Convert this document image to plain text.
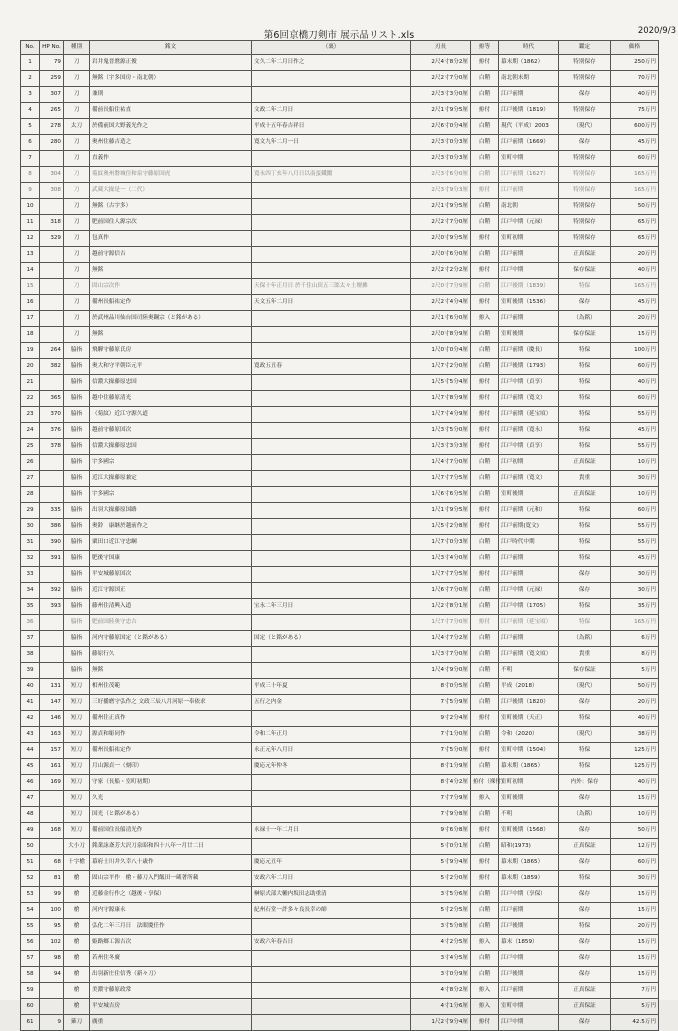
第6回京橋刀剣市 展示品リスト.xls	2020/9/3
No.	HP No.	種別	銘文	（裏）	刃長	拵等	時代	鑑定	価格
1	79	刀	岩井鬼晋麿源正俊	文久二年二月日作之	2尺4寸8分2厘	拵付	幕末期（1862）	特別保存	250万円
2	259	刀	無銘（宇多国房・南北朝）		2尺2寸7分0厘	白鞘	南北朝末期	特別保存	70万円
3	307	刀	兼則		2尺3寸3分0厘	白鞘	江戸前期	保存	40万円
4	265	刀	備前長船住祐直	文政二年二月日	2尺1寸9分5厘	拵付	江戸後期（1819）	特別保存	75万円
5	278	太刀	於備前国大野義光作之	平成十五年春吉祥日	2尺6寸0分4厘	白鞘	現代（平成）2003	（現代）	600万円
6	280	刀	奥州住藤吉造之	寛文九年二月一日	2尺3寸0分3厘	白鞘	江戸前期（1669）	保存	45万円
7		刀	直義作		2尺3寸0分3厘	白鞘	室町中期	特別保存	60万円
8	304	刀	菊紋奥州磐城住和泉守藤原国虎	寛永四丁亥年八月日以南蛮鐵鍛	2尺3寸6分0厘	白鞘	江戸前期（1627）	特別保存	165万円
9	308	刀	武蔵大掾是一（二代）		2尺3寸9分3厘	拵付	江戸前期	特別保存	165万円
10		刀	無銘（古宇多）		2尺1寸9分5厘	白鞘	南北朝	特別保存	50万円
11	318	刀	肥前国住人源宗次		2尺2寸7分0厘	白鞘	江戸中期（元禄）	特別保存	65万円
12	329	刀	包真作		2尺0寸9分5厘	拵付	室町初期	特別保存	65万円
13		刀	越前守源信吉		2尺0寸6分0厘	白鞘	江戸前期	正真保証	20万円
14		刀	無銘		2尺2寸2分2厘	拵付	江戸中期	保存保証	40万円
15		刀	固山宗次作	天保十年正月日 於千住山田五三郎太々土壇拂	2尺0寸7分9厘	白鞘	江戸後期（1839）	特保	165万円
16		刀	備州長船祐定作	天文五年二月日	2尺2寸4分4厘	拵付	室町後期（1536）	保存	45万円
17		刀	於武州品川仙台国司陸奥鋼宗（と銘がある）		2尺1寸6分0厘	拵入	江戸前期	（為銘）	20万円
18		刀	無銘		2尺0寸8分9厘	白鞘	室町後期	保存保証	15万円
19	264	脇指	飛騨守藤原氏房		1尺0寸0分4厘	白鞘	江戸前期（慶長）	特保	100万円
20	382	脇指	奥大和守平朝臣元平	寛政五丑春	1尺7寸2分0厘	白鞘	江戸後期（1793）	特保	60万円
21		脇指	信濃大掾藤原忠国		1尺5寸5分4厘	拵付	江戸中期（貞享）	特保	40万円
22	365	脇指	越中住藤原清光		1尺7寸8分9厘	拵付	江戸前期（寛文）	特保	60万円
23	370	脇指	（菊紋）近江守源久道		1尺7寸4分9厘	拵付	江戸前期（延宝頃）	特保	55万円
24	376	脇指	越前守藤原国次		1尺3寸5分0厘	拵付	江戸前期（寛永）	特保	45万円
25	378	脇指	信濃大掾藤原忠国		1尺3寸3分3厘	拵付	江戸中期（貞享）	特保	55万円
26		脇指	宇多國宗		1尺4寸7分0厘	白鞘	江戸初期	正真保証	10万円
27		脇指	近江大掾藤原兼定		1尺7寸7分5厘	白鞘	江戸前期（寛文）	貴重	30万円
28		脇指	宇多國宗		1尺6寸6分5厘	白鞘	室町後期	正真保証	10万円
29	335	脇指	出羽大掾藤原国路		1尺1寸9分5厘	拵付	江戸前期（元和）	特保	60万円
30	386	脇指	奥鈴　康継於越前作之		1尺5寸2分8厘	拵付	江戸前期(寛文)	特保	55万円
31	390	脇指	粟田口近江守忠綱		1尺7寸0分3厘	白鞘	江戸時代中期	特保	55万円
32	391	脇指	肥後守国康		1尺3寸4分0厘	白鞘	江戸前期	特保	45万円
33		脇指	平安城藤原国次		1尺7寸7分5厘	拵付	江戸前期	保存	30万円
34	392	脇指	近江守源国正		1尺6寸7分0厘	白鞘	江戸中期（元禄）	保存	30万円
35	393	脇指	藤州住清興入道	宝永二年三月日	1尺2寸8分1厘	白鞘	江戸中期（1705）	特保	35万円
36		脇指	肥前国陸奥守忠吉		1尺7寸7分0厘	拵付	江戸前期（延宝頃）	特保	165万円
37		脇指	河内守藤原国定（と銘がある）	国定（と銘がある）	1尺4寸7分2厘	白鞘	江戸前期	（為銘）	6万円
38		脇指	藤原行久		1尺3寸7分0厘	白鞘	江戸前期（寛文頃）	貴重	8万円
39		脇指	無銘		1尺4寸9分0厘	白鞘	不明	保存保証	5万円
40	131	短刀	相州住茂範	平成三十年夏	8寸0分5厘	白鞘	平成（2018）	（現代）	50万円
41	147	短刀	三好播磨守弘作之 文政三辰八月河原一奉依求	五行之内金	7寸5分9厘	白鞘	江戸後期（1820）	保存	20万円
42	146	短刀	備州住正真作		9寸2分4厘	拵付	室町後期（天正）	特保	40万円
43	163	短刀	源貞和彫同作	令和二年正月	7寸1分0厘	白鞘	令和（2020）	（現代）	38万円
44	157	短刀	備州長船祐定作	永正元年八月日	7寸5分0厘	拵付	室町中期（1504）	特保	125万円
45	161	短刀	月山源貞一（刻印）	慶応元年仲冬	8寸1分9厘	白鞘	幕末期（1865）	特保	125万円
46	169	短刀	守家（長船・室町初期）		8寸4分2厘	拵付（裸付）	室町初期	内外：保存	40万円
47		短刀	久光		7寸7分9厘	拵入	室町後期	保存	15万円
48		短刀	国光（と銘がある）		7寸9分8厘	白鞘	不明	（為銘）	10万円
49	168	短刀	備前国住長船清光作	永禄十一年二月日	9寸6分8厘	拵付	室町後期（1568）	保存	50万円
50		大小刀	銘業詠斎芳大沢刀泉昭和四十八年一月廿二日		5寸0分1厘	白鞘	昭和(1973)	正真保証	12万円
51	68	十字槍	幕府士川井久幸八十歳作	慶応元丑年	5寸9分4厘	拵付	幕末期（1865）	保存	60万円
52	81	槍	固山宗平作　槍・藤刀入門飯田一蔵著所載	安政六年二月日	5寸2分0厘	拵付	幕末期（1859）	特保	30万円
53	99	槍	近藤金行作之（越後・享保）	榊原式部大輔内坂田志助重清	3寸5分6厘	白鞘	江戸中期（享保）	保存	15万円
54	100	槍	河内守源康永	紀州石堂一許多々良長幸の師	5寸2分5厘	白鞘	江戸前期	保存	15万円
55	95	槍	弘化二年三月日　法眼慶任作		3寸5分8厘	白鞘	江戸後期	特保	20万円
56	102	槍	姫路鄉工源吉次	安政六年春吉日	4寸2分5厘	拵入	幕末（1859）	保存	15万円
57	98	槍	若州住冬廣		3寸4分5厘	白鞘	江戸中期	保存	15万円
58	94	槍	出羽新庄住信秀（新々刀）		3寸0分9厘	白鞘	江戸後期	保存	15万円
59		槍	美濃守藤原政常		4寸8分2厘	拵入	江戸前期	正真保証	7万円
60		槍	平安城吉房		4寸1分6厘	拵入	室町中期	正真保証	5万円
61	9	薙刀	廣重		1尺2寸9分4厘	拵付	江戸中期	保存	42.5万円
